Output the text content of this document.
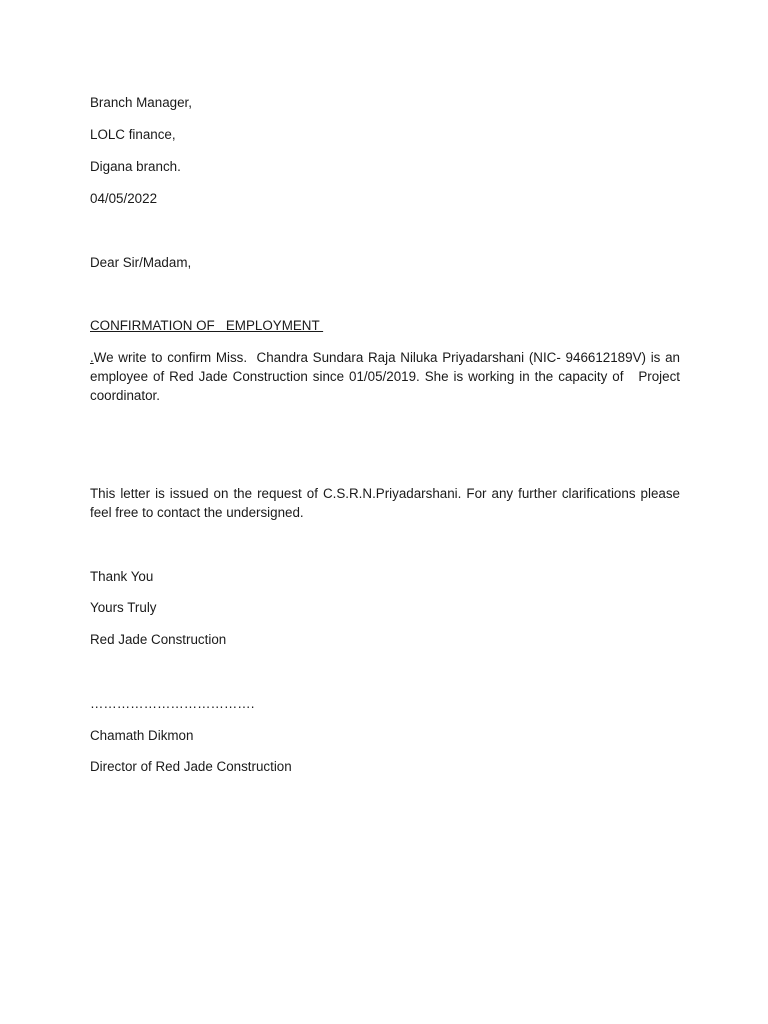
Branch Manager,
LOLC finance,
Digana branch.
04/05/2022
Dear Sir/Madam,
CONFIRMATION OF   EMPLOYMENT
.We write to confirm Miss.  Chandra Sundara Raja Niluka Priyadarshani (NIC- 946612189V) is an employee of Red Jade Construction since 01/05/2019. She is working in the capacity of   Project coordinator.
This letter is issued on the request of C.S.R.N.Priyadarshani. For any further clarifications please feel free to contact the undersigned.
Thank You
Yours Truly
Red Jade Construction
……………………………….
Chamath Dikmon
Director of Red Jade Construction
